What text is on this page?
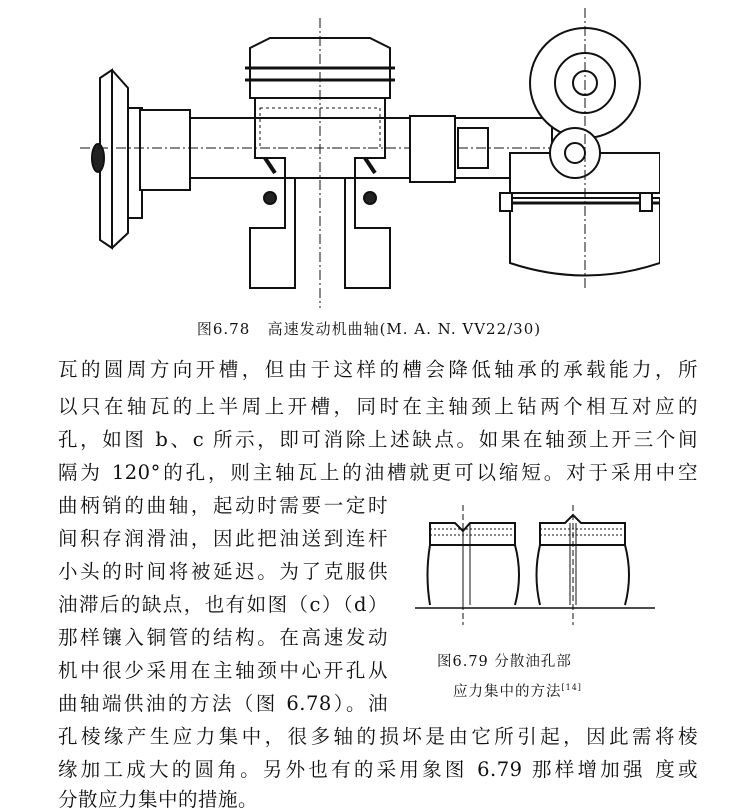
图6.78 高速发动机曲轴(M. A. N. VV22/30)
瓦的圆周方向开槽，但由于这样的槽会降低轴承的承载能力，所
以只在轴瓦的上半周上开槽，同时在主轴颈上钻两个相互对应的
孔，如图 b、c 所示，即可消除上述缺点。如果在轴颈上开三个间
隔为 120°的孔，则主轴瓦上的油槽就更可以缩短。对于采用中空
曲柄销的曲轴，起动时需要一定时
间积存润滑油，因此把油送到连杆
小头的时间将被延迟。为了克服供
油滞后的缺点，也有如图（c）（d）
那样镶入铜管的结构。在高速发动
机中很少采用在主轴颈中心开孔从
曲轴端供油的方法（图 6.78）。油
孔棱缘产生应力集中，很多轴的损坏是由它所引起，因此需将棱
缘加工成大的圆角。另外也有的采用象图 6.79 那样增加强 度或
分散应力集中的措施。
图6.79 分散油孔部
应力集中的方法[14]
